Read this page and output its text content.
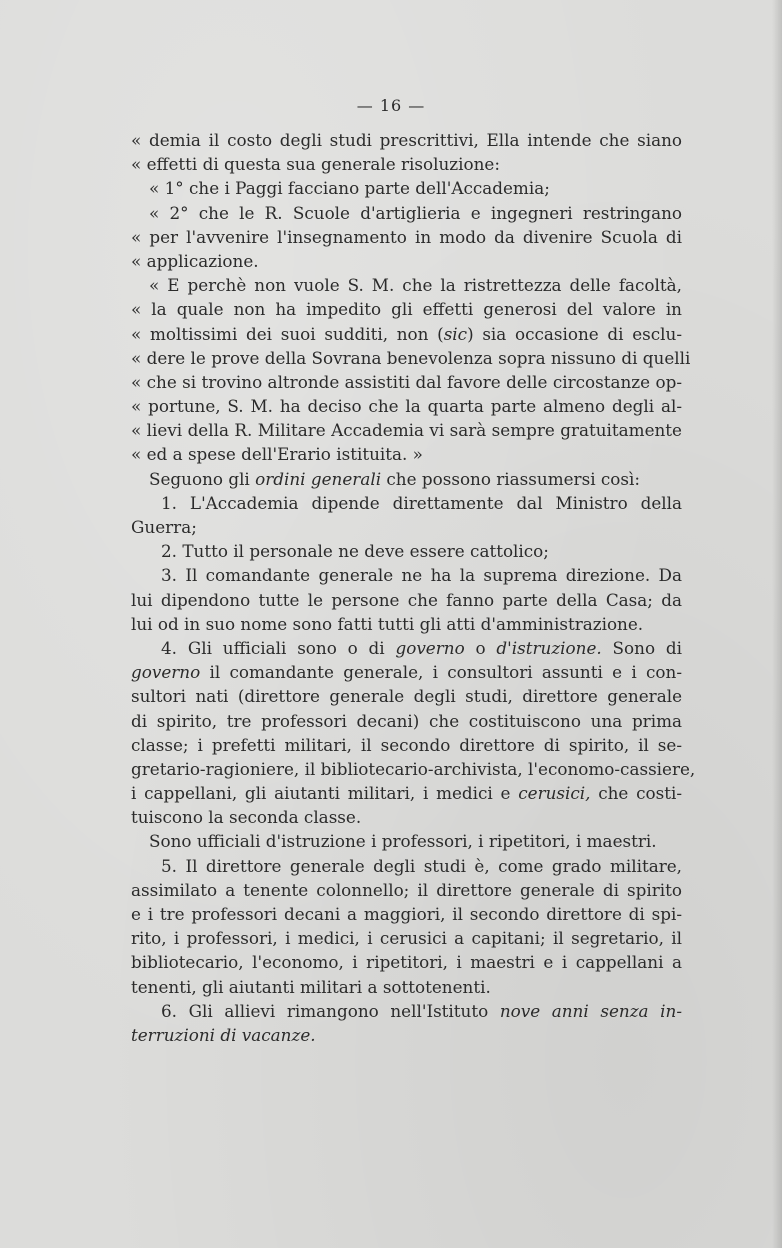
— 16 —
« demia il costo degli studi prescrittivi, Ella intende che siano
« effetti di questa sua generale risoluzione:
« 1° che i Paggi facciano parte dell'Accademia;
« 2° che le R. Scuole d'artiglieria e ingegneri restringano
« per l'avvenire l'insegnamento in modo da divenire Scuola di
« applicazione.
« E perchè non vuole S. M. che la ristrettezza delle facoltà,
« la quale non ha impedito gli effetti generosi del valore in
« moltissimi dei suoi sudditi, non (sic) sia occasione di esclu-
« dere le prove della Sovrana benevolenza sopra nissuno di quelli
« che si trovino altronde assistiti dal favore delle circostanze op-
« portune, S. M. ha deciso che la quarta parte almeno degli al-
« lievi della R. Militare Accademia vi sarà sempre gratuitamente
« ed a spese dell'Erario istituita. »
Seguono gli ordini generali che possono riassumersi così:
1. L'Accademia dipende direttamente dal Ministro della
Guerra;
2. Tutto il personale ne deve essere cattolico;
3. Il comandante generale ne ha la suprema direzione. Da
lui dipendono tutte le persone che fanno parte della Casa; da
lui od in suo nome sono fatti tutti gli atti d'amministrazione.
4. Gli ufficiali sono o di governo o d'istruzione. Sono di
governo il comandante generale, i consultori assunti e i con-
sultori nati (direttore generale degli studi, direttore generale
di spirito, tre professori decani) che costituiscono una prima
classe; i prefetti militari, il secondo direttore di spirito, il se-
gretario-ragioniere, il bibliotecario-archivista, l'economo-cassiere,
i cappellani, gli aiutanti militari, i medici e cerusici, che costi-
tuiscono la seconda classe.
Sono ufficiali d'istruzione i professori, i ripetitori, i maestri.
5. Il direttore generale degli studi è, come grado militare,
assimilato a tenente colonnello; il direttore generale di spirito
e i tre professori decani a maggiori, il secondo direttore di spi-
rito, i professori, i medici, i cerusici a capitani; il segretario, il
bibliotecario, l'economo, i ripetitori, i maestri e i cappellani a
tenenti, gli aiutanti militari a sottotenenti.
6. Gli allievi rimangono nell'Istituto nove anni senza in-
terruzioni di vacanze.
